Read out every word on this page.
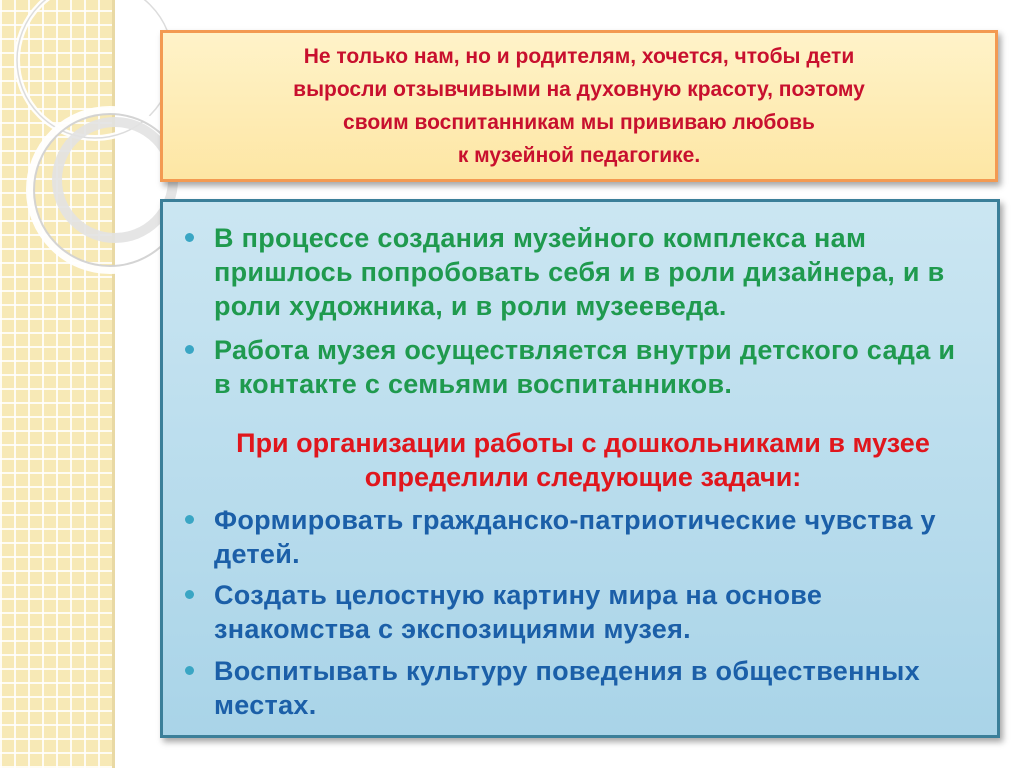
Не только нам, но и родителям, хочется, чтобы дети
выросли отзывчивыми на духовную красоту, поэтому
своим воспитанникам мы прививаю любовь
к музейной педагогике.
В процессе создания музейного комплекса нам пришлось попробовать себя и в роли дизайнера, и в роли художника, и в роли музееведа.
Работа музея осуществляется внутри детского сада и в контакте с семьями воспитанников.
При организации работы с дошкольниками в музее определили следующие задачи:
Формировать гражданско-патриотические чувства у детей.
Создать целостную картину мира на основе знакомства с экспозициями музея.
Воспитывать культуру поведения в общественных местах.
